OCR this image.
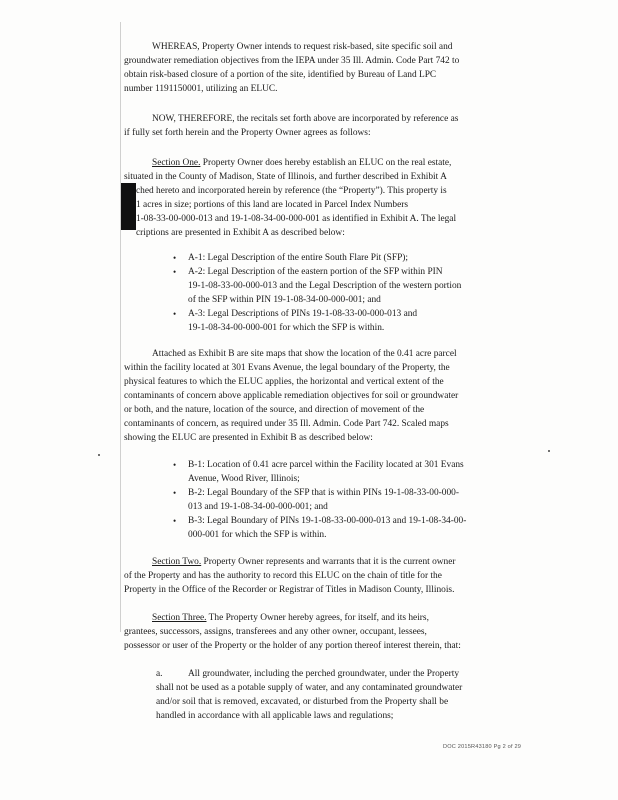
WHEREAS, Property Owner intends to request risk-based, site specific soil and
groundwater remediation objectives from the IEPA under 35 Ill. Admin. Code Part 742 to
obtain risk-based closure of a portion of the site, identified by Bureau of Land LPC
number 1191150001, utilizing an ELUC.
NOW, THEREFORE, the recitals set forth above are incorporated by reference as
if fully set forth herein and the Property Owner agrees as follows:
Section One. Property Owner does hereby establish an ELUC on the real estate,
situated in the County of Madison, State of Illinois, and further described in Exhibit A
ched hereto and incorporated herein by reference (the “Property”). This property is
1 acres in size; portions of this land are located in Parcel Index Numbers
1-08-33-00-000-013 and 19-1-08-34-00-000-001 as identified in Exhibit A. The legal
criptions are presented in Exhibit A as described below:
• A-1: Legal Description of the entire South Flare Pit (SFP);
• A-2: Legal Description of the eastern portion of the SFP within PIN
19-1-08-33-00-000-013 and the Legal Description of the western portion
of the SFP within PIN 19-1-08-34-00-000-001; and
• A-3: Legal Descriptions of PINs 19-1-08-33-00-000-013 and
19-1-08-34-00-000-001 for which the SFP is within.
Attached as Exhibit B are site maps that show the location of the 0.41 acre parcel
within the facility located at 301 Evans Avenue, the legal boundary of the Property, the
physical features to which the ELUC applies, the horizontal and vertical extent of the
contaminants of concern above applicable remediation objectives for soil or groundwater
or both, and the nature, location of the source, and direction of movement of the
contaminants of concern, as required under 35 Ill. Admin. Code Part 742. Scaled maps
showing the ELUC are presented in Exhibit B as described below:
• B-1: Location of 0.41 acre parcel within the Facility located at 301 Evans
Avenue, Wood River, Illinois;
• B-2: Legal Boundary of the SFP that is within PINs 19-1-08-33-00-000-
013 and 19-1-08-34-00-000-001; and
• B-3: Legal Boundary of PINs 19-1-08-33-00-000-013 and 19-1-08-34-00-
000-001 for which the SFP is within.
Section Two. Property Owner represents and warrants that it is the current owner
of the Property and has the authority to record this ELUC on the chain of title for the
Property in the Office of the Recorder or Registrar of Titles in Madison County, Illinois.
Section Three. The Property Owner hereby agrees, for itself, and its heirs,
grantees, successors, assigns, transferees and any other owner, occupant, lessees,
possessor or user of the Property or the holder of any portion thereof interest therein, that:
a.	All groundwater, including the perched groundwater, under the Property
shall not be used as a potable supply of water, and any contaminated groundwater
and/or soil that is removed, excavated, or disturbed from the Property shall be
handled in accordance with all applicable laws and regulations;
DOC 2015R43180 Pg 2 of 29
